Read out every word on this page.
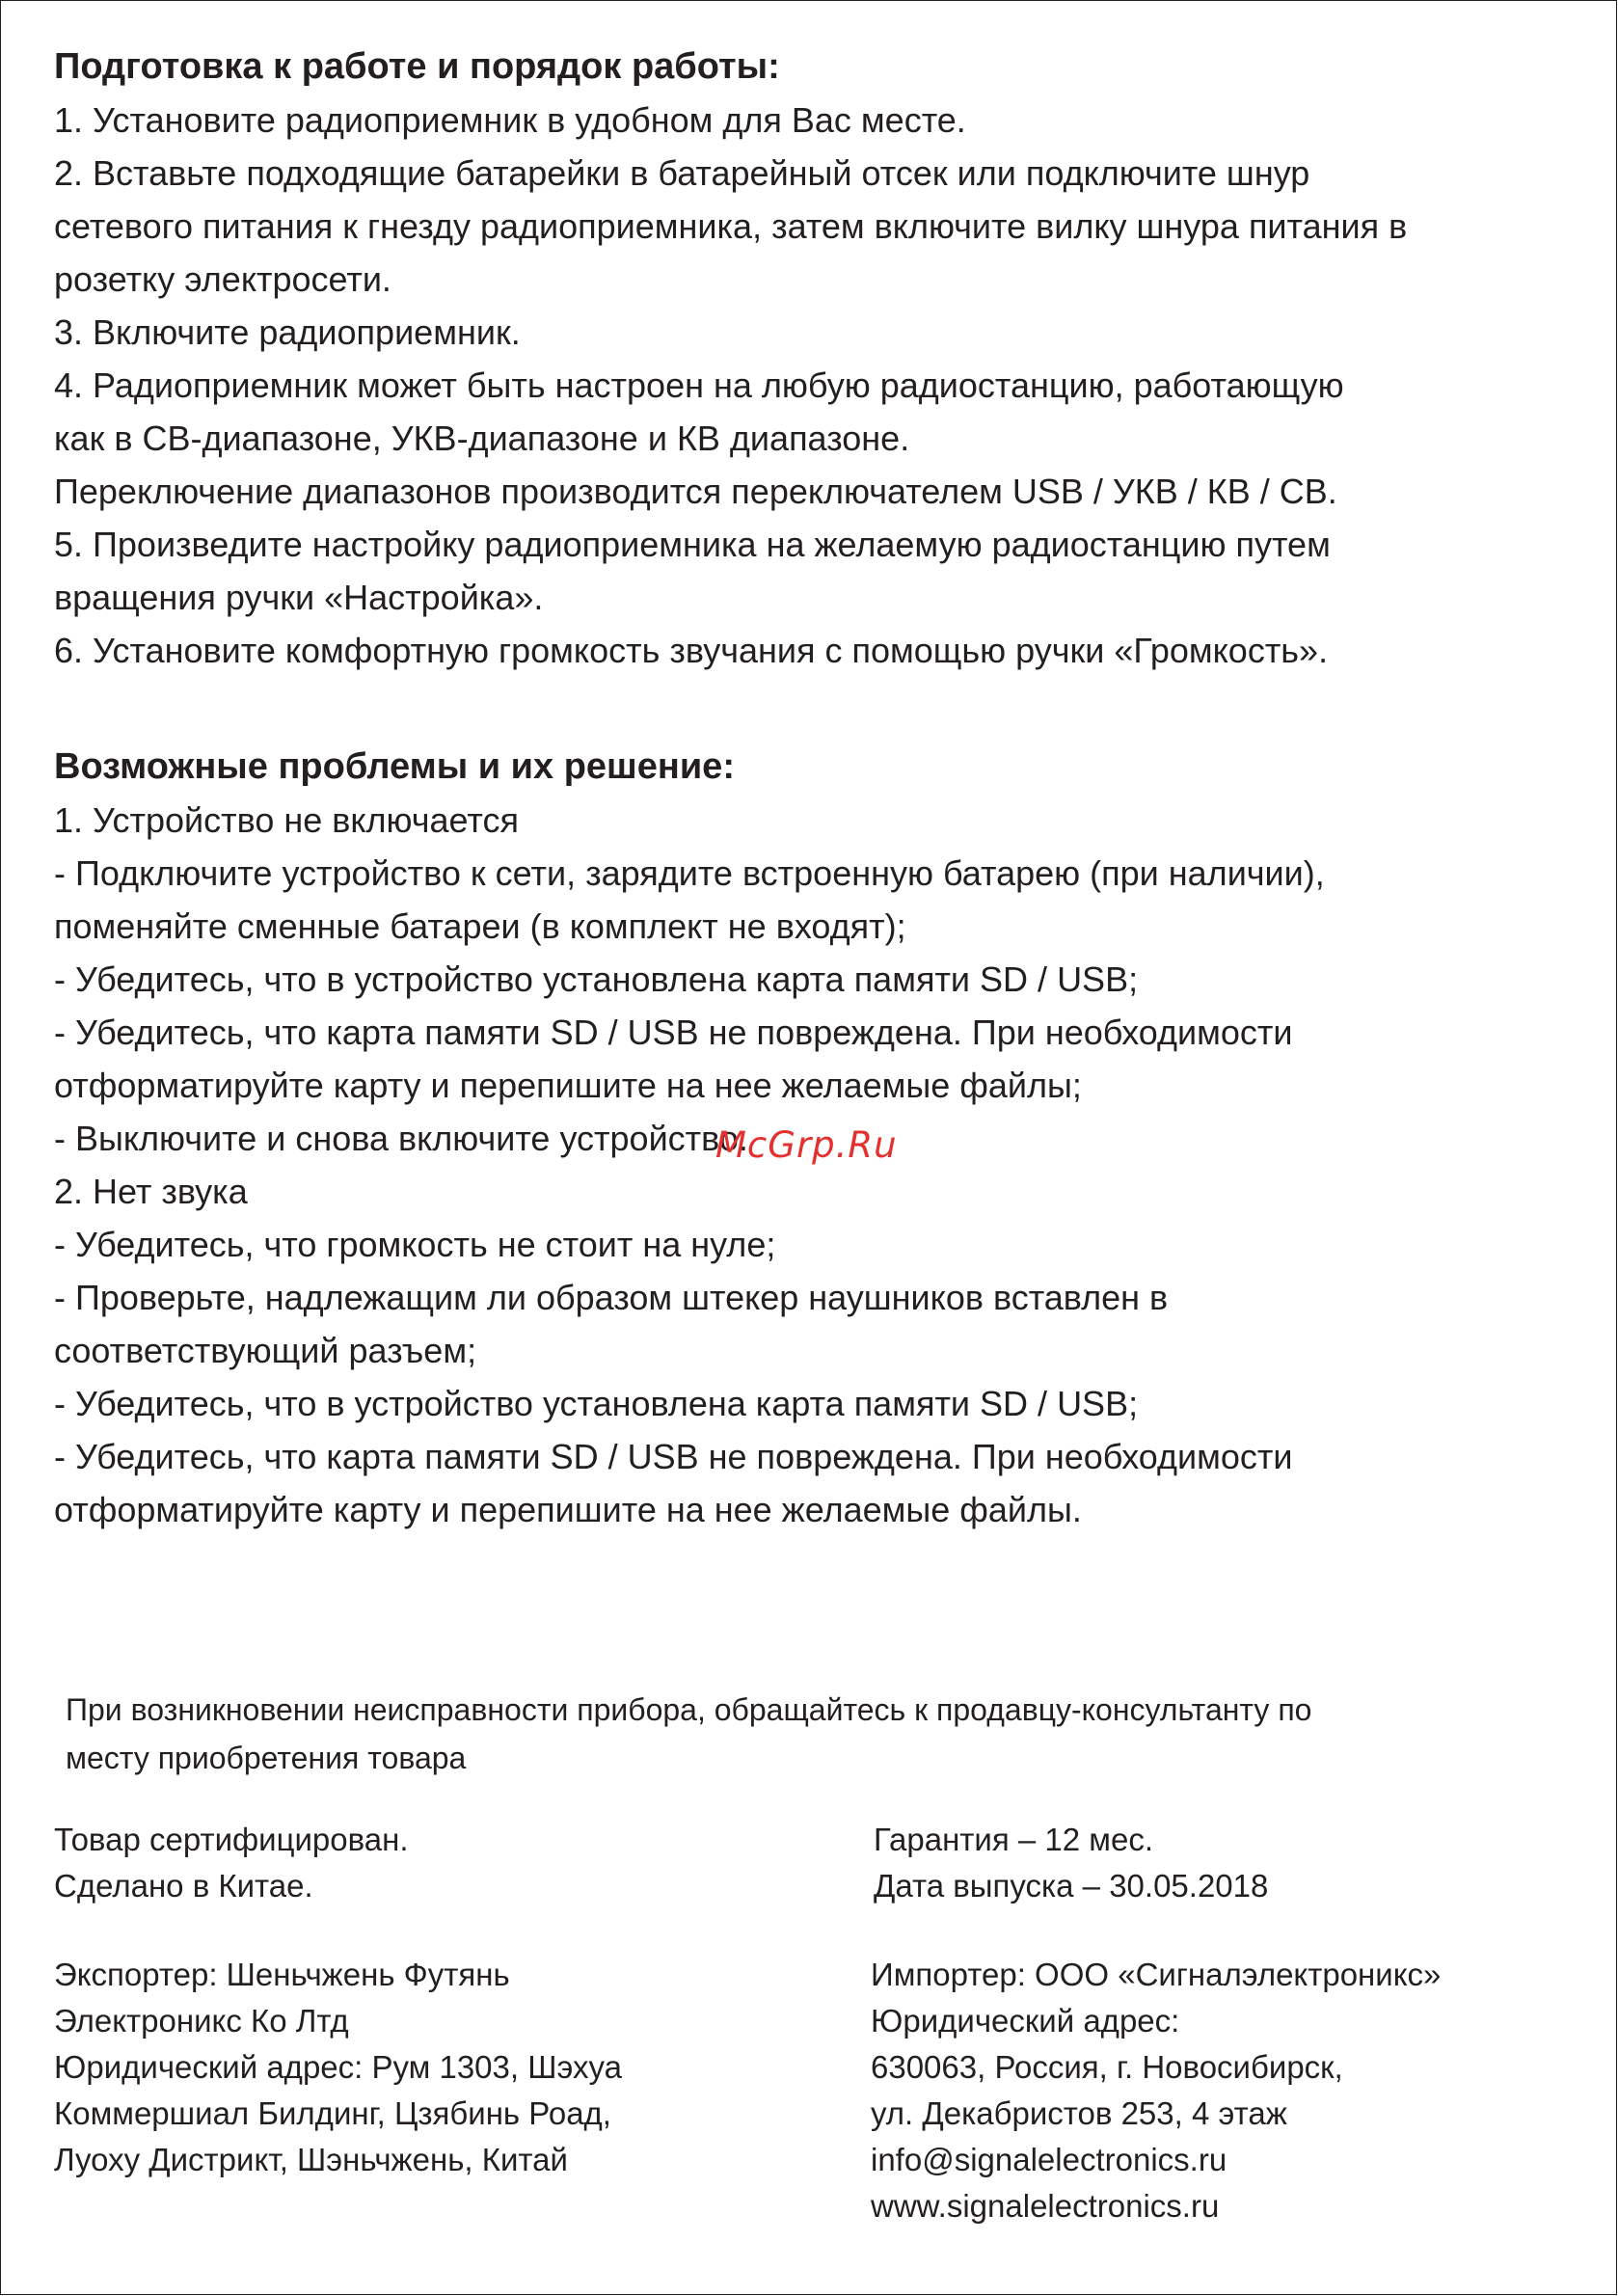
Подготовка к работе и порядок работы:
1. Установите радиоприемник в удобном для Вас месте.
2. Вставьте подходящие батарейки в батарейный отсек или подключите шнур
сетевого питания к гнезду радиоприемника, затем включите вилку шнура питания в
розетку электросети.
3. Включите радиоприемник.
4. Радиоприемник может быть настроен на любую радиостанцию, работающую
как в СВ-диапазоне, УКВ-диапазоне и КВ диапазоне.
Переключение диапазонов производится переключателем USB / УКВ / КВ / СВ.
5. Произведите настройку радиоприемника на желаемую радиостанцию путем
вращения ручки «Настройка».
6. Установите комфортную громкость звучания с помощью ручки «Громкость».
Возможные проблемы и их решение:
1. Устройство не включается
- Подключите устройство к сети, зарядите встроенную батарею (при наличии),
поменяйте сменные батареи (в комплект не входят);
- Убедитесь, что в устройство установлена карта памяти SD / USB;
- Убедитесь, что карта памяти SD / USB не повреждена. При необходимости
отформатируйте карту и перепишите на нее желаемые файлы;
- Выключите и снова включите устройство.
2. Нет звука
- Убедитесь, что громкость не стоит на нуле;
- Проверьте, надлежащим ли образом штекер наушников вставлен в
соответствующий разъем;
- Убедитесь, что в устройство установлена карта памяти SD / USB;
- Убедитесь, что карта памяти SD / USB не повреждена. При необходимости
отформатируйте карту и перепишите на нее желаемые файлы.
McGrp.Ru
При возникновении неисправности прибора, обращайтесь к продавцу-консультанту по
месту приобретения товара
Товар сертифицирован.
Сделано в Китае.
Гарантия – 12 мес.
Дата выпуска – 30.05.2018
Экспортер: Шеньчжень Футянь
Электроникс Ко Лтд
Юридический адрес: Рум 1303, Шэхуа
Коммершиал Билдинг, Цзябинь Роад,
Луоху Дистрикт, Шэньчжень, Китай
Импортер: ООО «Сигналэлектроникс»
Юридический адрес:
630063, Россия, г. Новосибирск,
ул. Декабристов 253, 4 этаж
info@signalelectronics.ru
www.signalelectronics.ru
